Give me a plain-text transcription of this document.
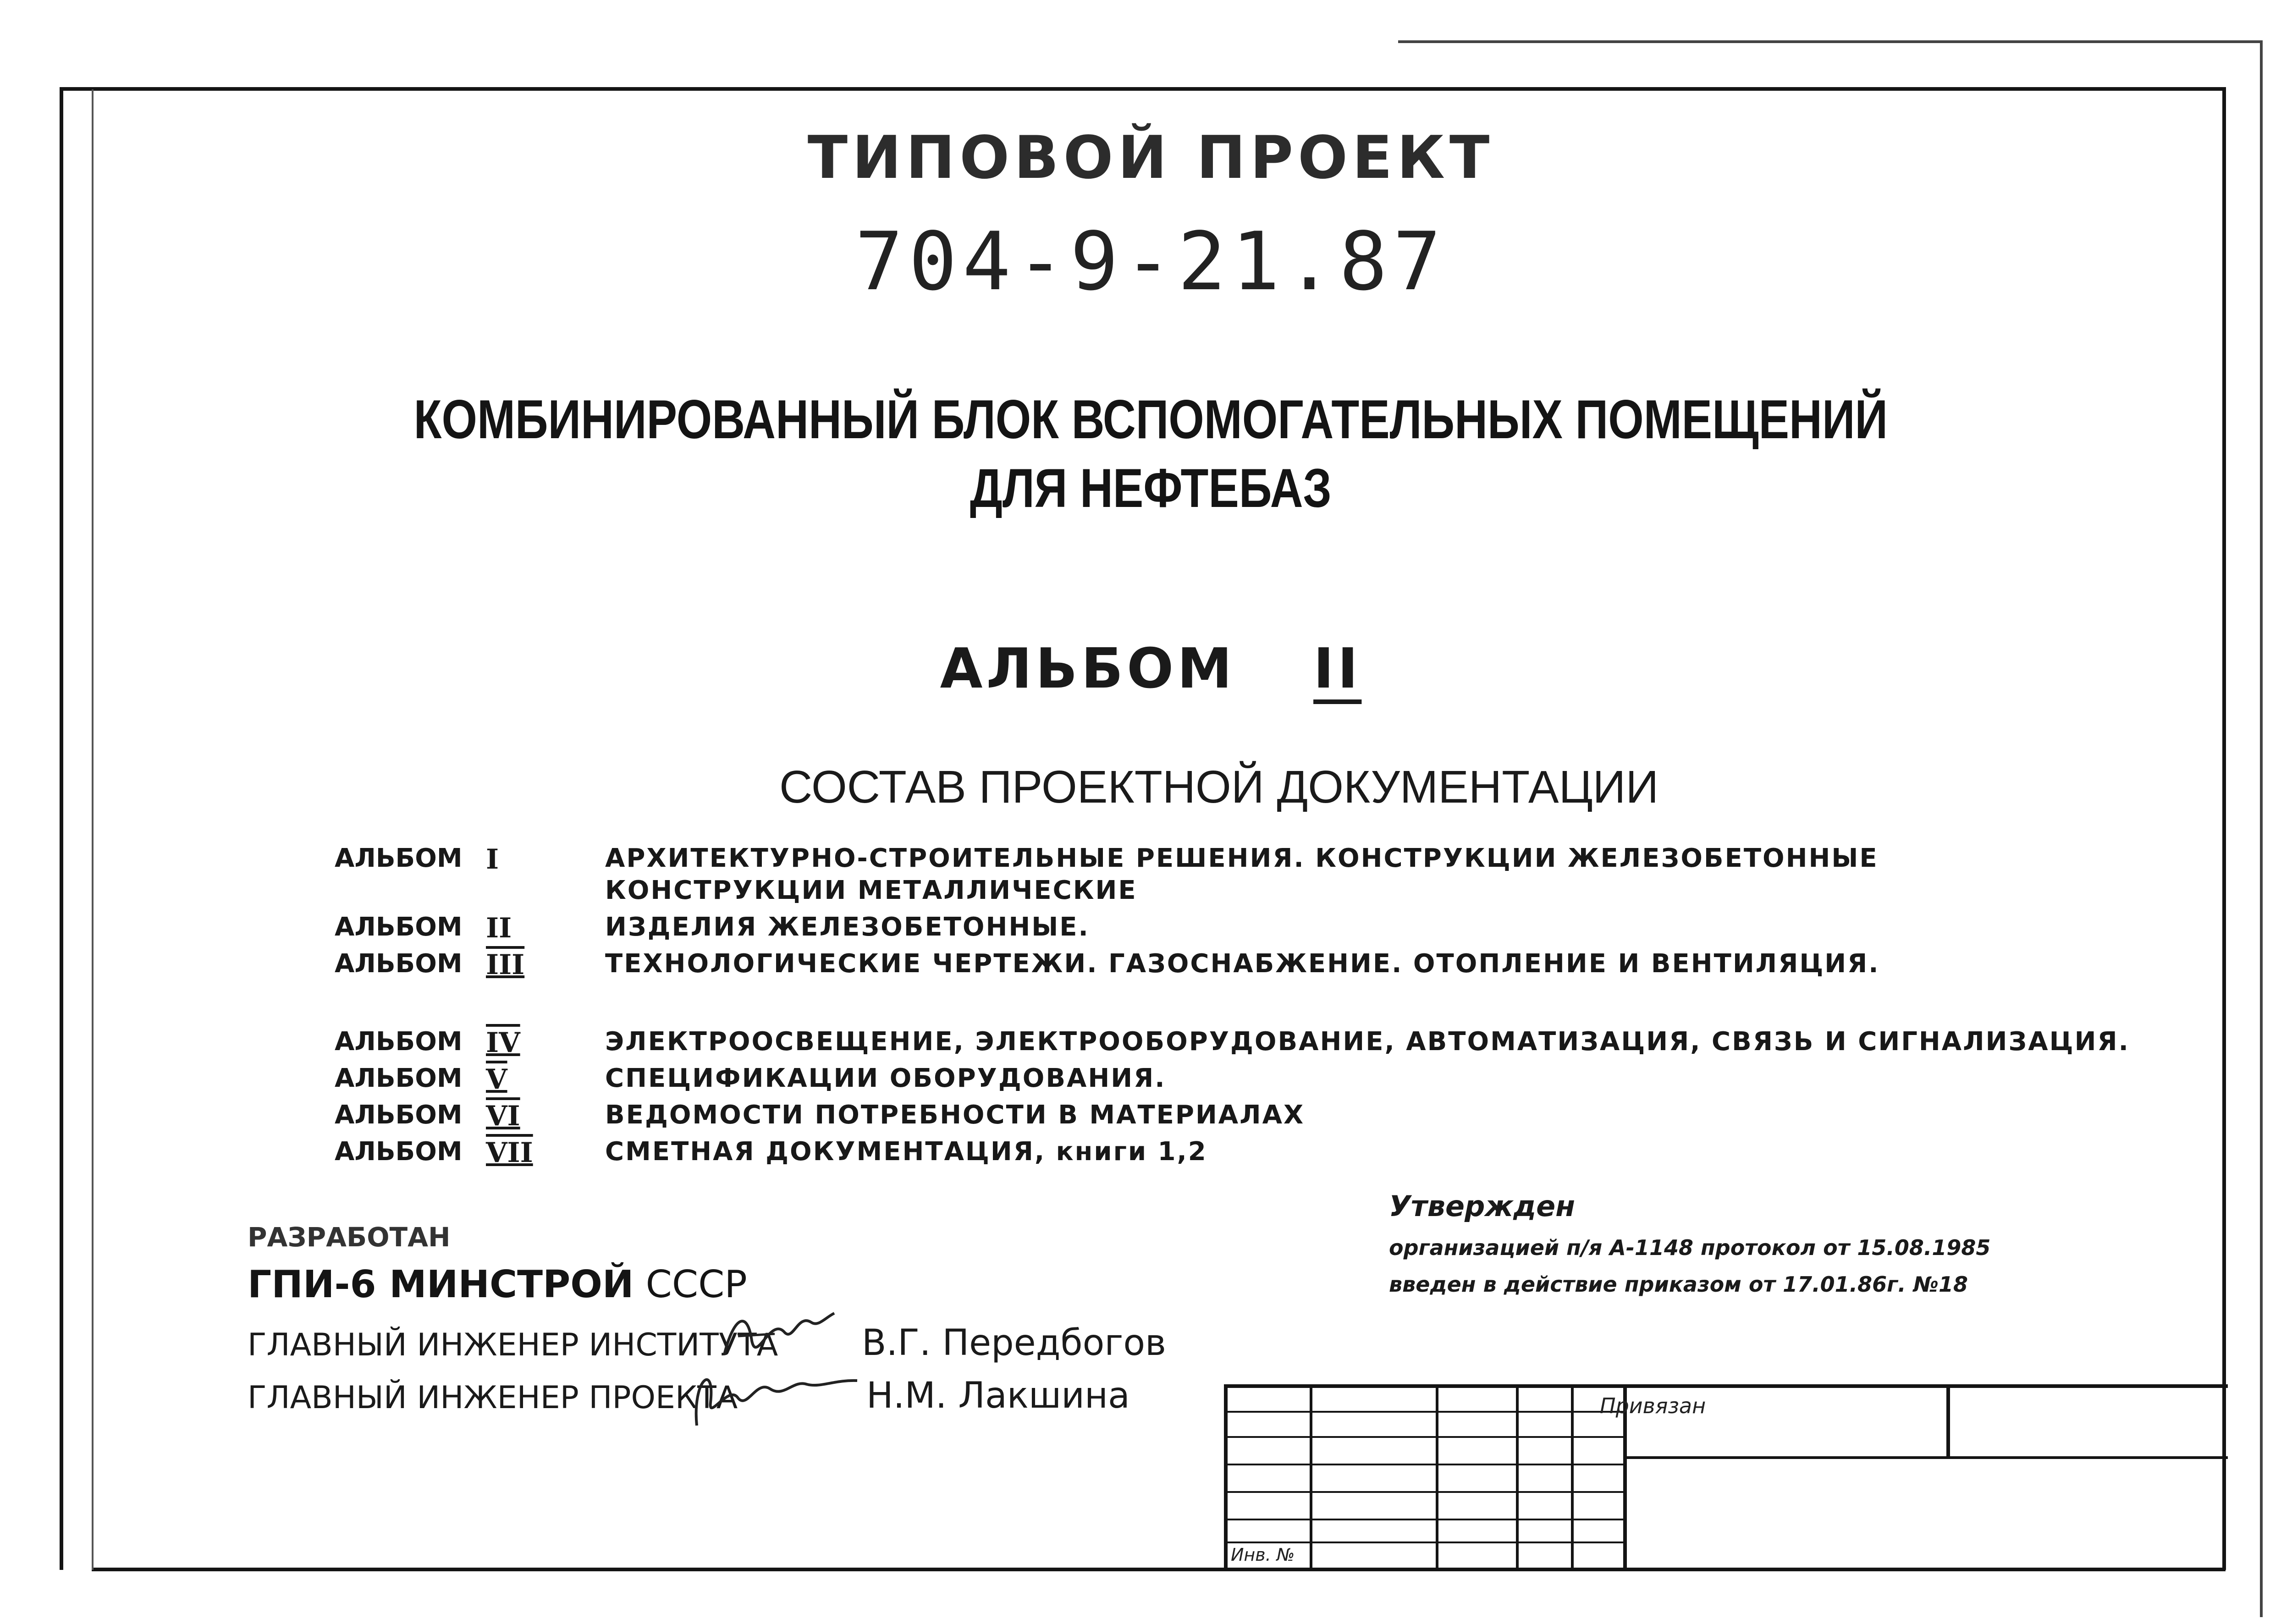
ТИПОВОЙ ПРОЕКТ
704-9-21.87
КОМБИНИРОВАННЫЙ БЛОК ВСПОМОГАТЕЛЬНЫХ ПОМЕЩЕНИЙ
ДЛЯ НЕФТЕБАЗ
АЛЬБОМ II
СОСТАВ ПРОЕКТНОЙ ДОКУМЕНТАЦИИ
АЛЬБОМ I	АРХИТЕКТУРНО-СТРОИТЕЛЬНЫЕ РЕШЕНИЯ. КОНСТРУКЦИИ ЖЕЛЕЗОБЕТОННЫЕ
КОНСТРУКЦИИ МЕТАЛЛИЧЕСКИЕ
АЛЬБОМ II	ИЗДЕЛИЯ ЖЕЛЕЗОБЕТОННЫЕ.
АЛЬБОМ III	ТЕХНОЛОГИЧЕСКИЕ ЧЕРТЕЖИ. ГАЗОСНАБЖЕНИЕ. ОТОПЛЕНИЕ И ВЕНТИЛЯЦИЯ.
АЛЬБОМ IV	ЭЛЕКТРООСВЕЩЕНИЕ, ЭЛЕКТРООБОРУДОВАНИЕ, АВТОМАТИЗАЦИЯ, СВЯЗЬ И СИГНАЛИЗАЦИЯ.
АЛЬБОМ V	СПЕЦИФИКАЦИИ ОБОРУДОВАНИЯ.
АЛЬБОМ VI	ВЕДОМОСТИ ПОТРЕБНОСТИ В МАТЕРИАЛАХ
АЛЬБОМ VII	СМЕТНАЯ ДОКУМЕНТАЦИЯ, книги 1,2
РАЗРАБОТАН
ГПИ-6 МИНСТРОЙ СССР
ГЛАВНЫЙ ИНЖЕНЕР ИНСТИТУТА В.Г. Передбогов
ГЛАВНЫЙ ИНЖЕНЕР ПРОЕКТА	Н.М. Лакшина
Утвержден
организацией п/я А-1148 протокол от 15.08.1985
введен в действие приказом от 17.01.86г. №18
Привязан
Инв. №
